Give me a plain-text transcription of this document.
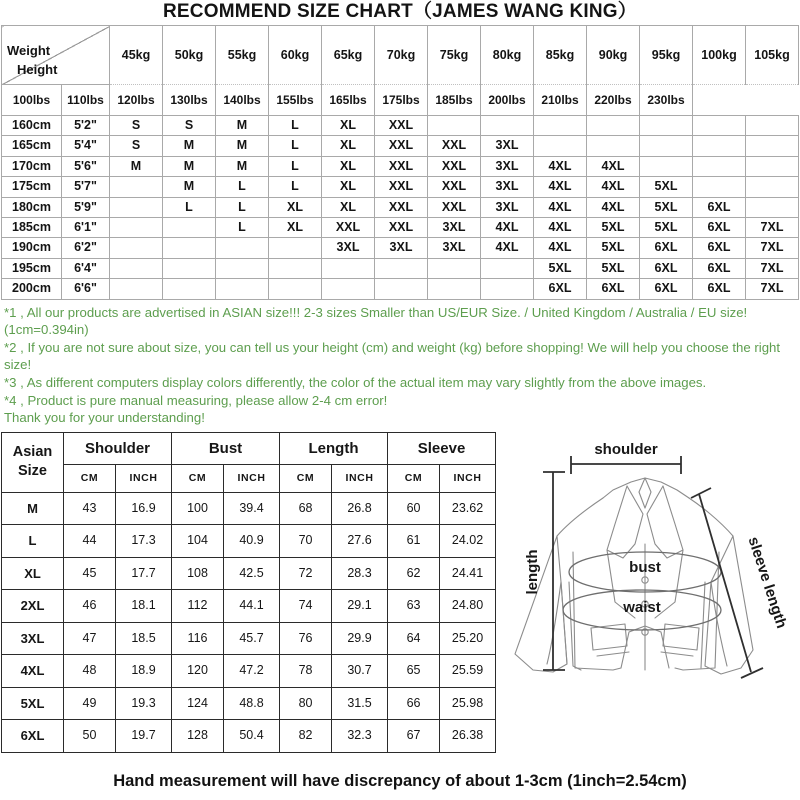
RECOMMEND SIZE CHART（JAMES WANG KING）
Weight
Height														

		45kg	50kg	55kg	60kg	65kg	70kg	75kg	80kg	85kg	90kg	95kg	100kg	105kg
100lbs	110lbs	120lbs	130lbs	140lbs	155lbs	165lbs	175lbs	185lbs	200lbs	210lbs	220lbs	230lbs		
160cm	5'2"	S	S	M	L	XL	XXL							
165cm	5'4"	S	M	M	L	XL	XXL	XXL	3XL					
170cm	5'6"	M	M	M	L	XL	XXL	XXL	3XL	4XL	4XL			
175cm	5'7"		M	L	L	XL	XXL	XXL	3XL	4XL	4XL	5XL		
180cm	5'9"		L	L	XL	XL	XXL	XXL	3XL	4XL	4XL	5XL	6XL	
185cm	6'1"			L	XL	XXL	XXL	3XL	4XL	4XL	5XL	5XL	6XL	7XL
190cm	6'2"					3XL	3XL	3XL	4XL	4XL	5XL	6XL	6XL	7XL
195cm	6'4"									5XL	5XL	6XL	6XL	7XL
200cm	6'6"									6XL	6XL	6XL	6XL	7XL

*1 , All our products are advertised in ASIAN size!!! 2-3 sizes Smaller than US/EUR Size. / United Kingdom / Australia / EU size! (1cm=0.394in)

*2 , If you are not sure about size, you can tell us your height (cm) and weight (kg) before shopping! We will help you choose the right size!

*3 , As different computers display colors differently, the color of the actual item may vary slightly from the above images.

*4 , Product is pure manual measuring, please allow 2-4 cm error!

Thank you for your understanding!

Asian
Size	Shoulder		Bust		Length		Sleeve	
	CM	INCH	CM	INCH	CM	INCH	CM	INCH
M	43	16.9	100	39.4	68	26.8	60	23.62
L	44	17.3	104	40.9	70	27.6	61	24.02
XL	45	17.7	108	42.5	72	28.3	62	24.41
2XL	46	18.1	112	44.1	74	29.1	63	24.80
3XL	47	18.5	116	45.7	76	29.9	64	25.20
4XL	48	18.9	120	47.2	78	30.7	65	25.59
5XL	49	19.3	124	48.8	80	31.5	66	25.98
6XL	50	19.7	128	50.4	82	32.3	67	26.38
shoulder
length	bust
waist	sleeve length
Hand measurement will have discrepancy of about 1-3cm (1inch=2.54cm)
